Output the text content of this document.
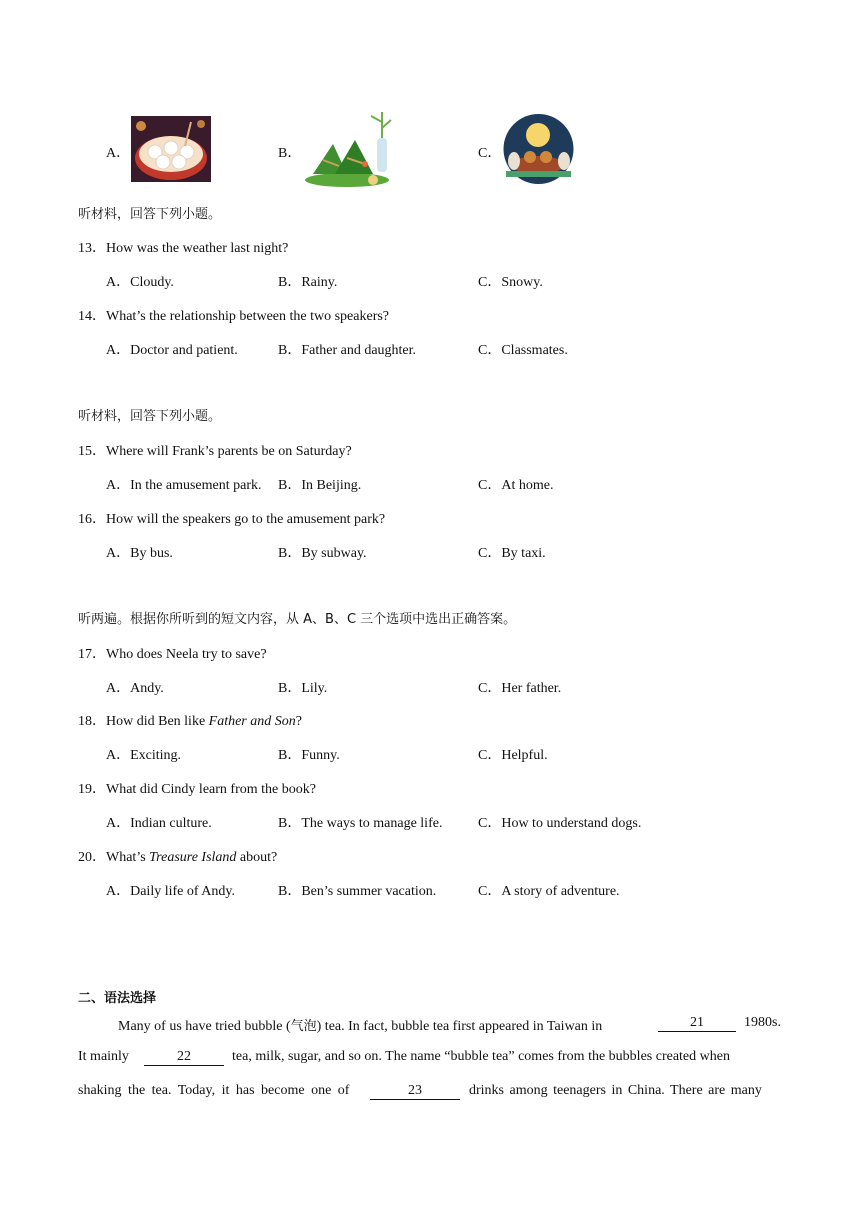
A．	B．	C．
听材料，回答下列小题。
13．How was the weather last night?
A．Cloudy.	B．Rainy.	C．Snowy.
14．What’s the relationship between the two speakers?
A．Doctor and patient.	B．Father and daughter.	C．Classmates.
听材料，回答下列小题。
15．Where will Frank’s parents be on Saturday?
A．In the amusement park. B．In Beijing.	C．At home.
16．How will the speakers go to the amusement park?
A．By bus.	B．By subway.	C．By taxi.
听两遍。根据你所听到的短文内容，从 A、B、C 三个选项中选出正确答案。
17．Who does Neela try to save?
A．Andy.	B．Lily.	C．Her father.
18．How did Ben like Father and Son?
A．Exciting.	B．Funny.	C．Helpful.
19．What did Cindy learn from the book?
A．Indian culture.	B．The ways to manage life.	C．How to understand dogs.
20．What’s Treasure Island about?
A．Daily life of Andy.	B．Ben’s summer vacation.	C．A story of adventure.
二、语法选择
Many of us have tried bubble (气泡) tea. In fact, bubble tea first appeared in Taiwan in	21	1980s.
It mainly	22	tea, milk, sugar, and so on. The name “bubble tea” comes from the bubbles created when
shaking the tea. Today, it has become one of	23	drinks among teenagers in China. There are many
